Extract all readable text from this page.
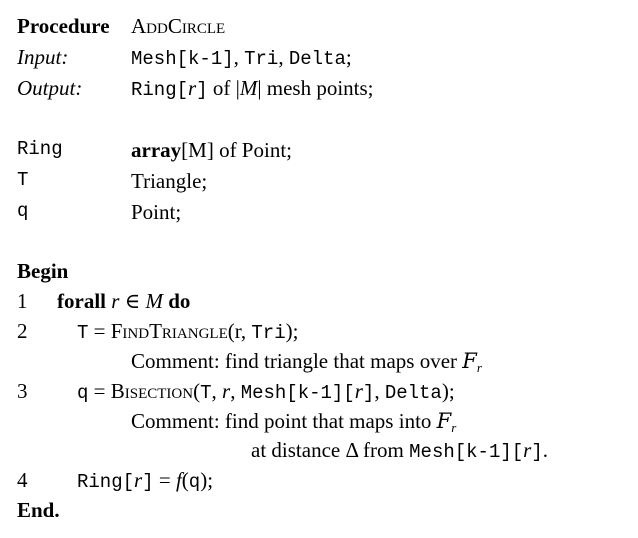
Procedure AddCircle
Input:	Mesh[k-1], Tri, Delta;
Output:	Ring[r] of |M| mesh points;
Ring	array[M] of Point;
T	Triangle;
q	Point;
Begin
1 forall r ∈ M do
2	T = FindTriangle(r, Tri);
Comment: find triangle that maps over $F_r$
3	q = Bisection(T, r, Mesh[k-1][r], Delta);
Comment: find point that maps into $F_r$
at distance Δ from Mesh[k-1][r].
4	Ring[r] = f(q);
End.
